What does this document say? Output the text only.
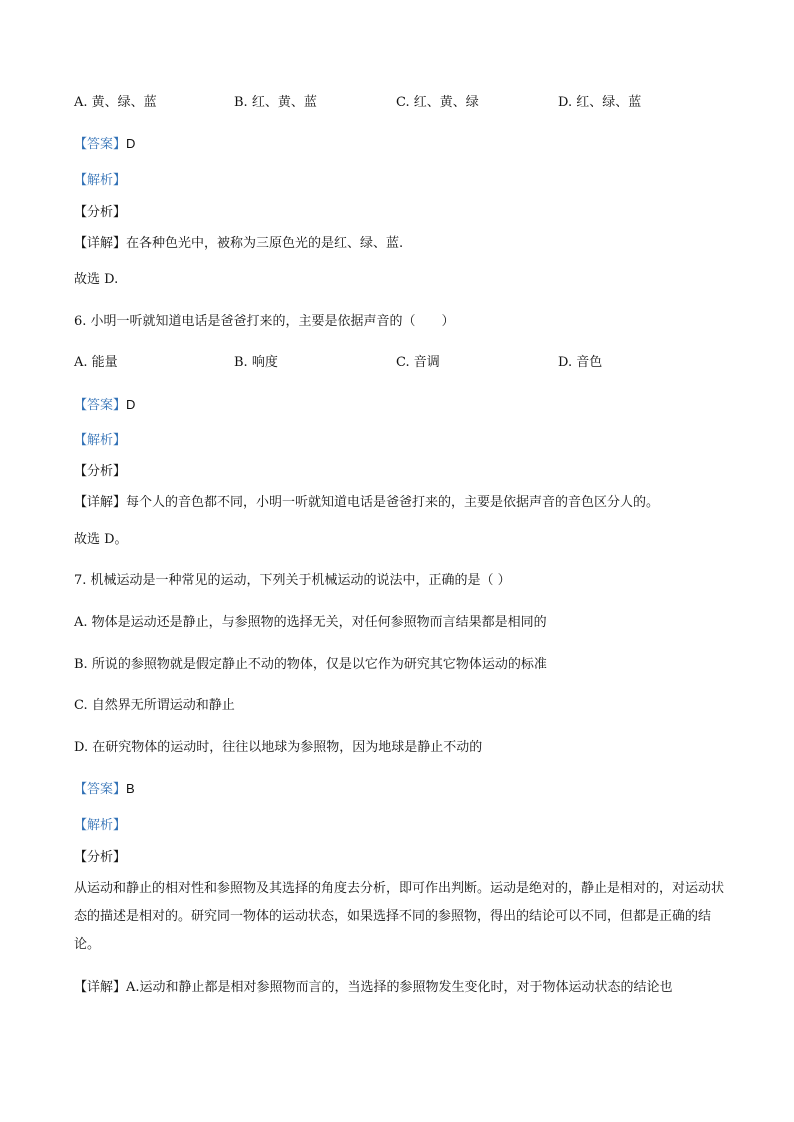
A. 黄、绿、蓝	B. 红、黄、蓝	C. 红、黄、绿	D. 红、绿、蓝
【答案】D
【解析】
【分析】
【详解】在各种色光中，被称为三原色光的是红、绿、蓝.
故选 D.
6. 小明一听就知道电话是爸爸打来的，主要是依据声音的（　　）
A. 能量	B. 响度	C. 音调	D. 音色
【答案】D
【解析】
【分析】
【详解】每个人的音色都不同，小明一听就知道电话是爸爸打来的，主要是依据声音的音色区分人的。
故选 D。
7. 机械运动是一种常见的运动，下列关于机械运动的说法中，正确的是（ ）
A. 物体是运动还是静止，与参照物的选择无关，对任何参照物而言结果都是相同的
B. 所说的参照物就是假定静止不动的物体，仅是以它作为研究其它物体运动的标准
C. 自然界无所谓运动和静止
D. 在研究物体的运动时，往往以地球为参照物，因为地球是静止不动的
【答案】B
【解析】
【分析】
从运动和静止的相对性和参照物及其选择的角度去分析，即可作出判断。运动是绝对的，静止是相对的，对运动状态的描述是相对的。研究同一物体的运动状态，如果选择不同的参照物，得出的结论可以不同，但都是正确的结论。
【详解】A.运动和静止都是相对参照物而言的，当选择的参照物发生变化时，对于物体运动状态的结论也
